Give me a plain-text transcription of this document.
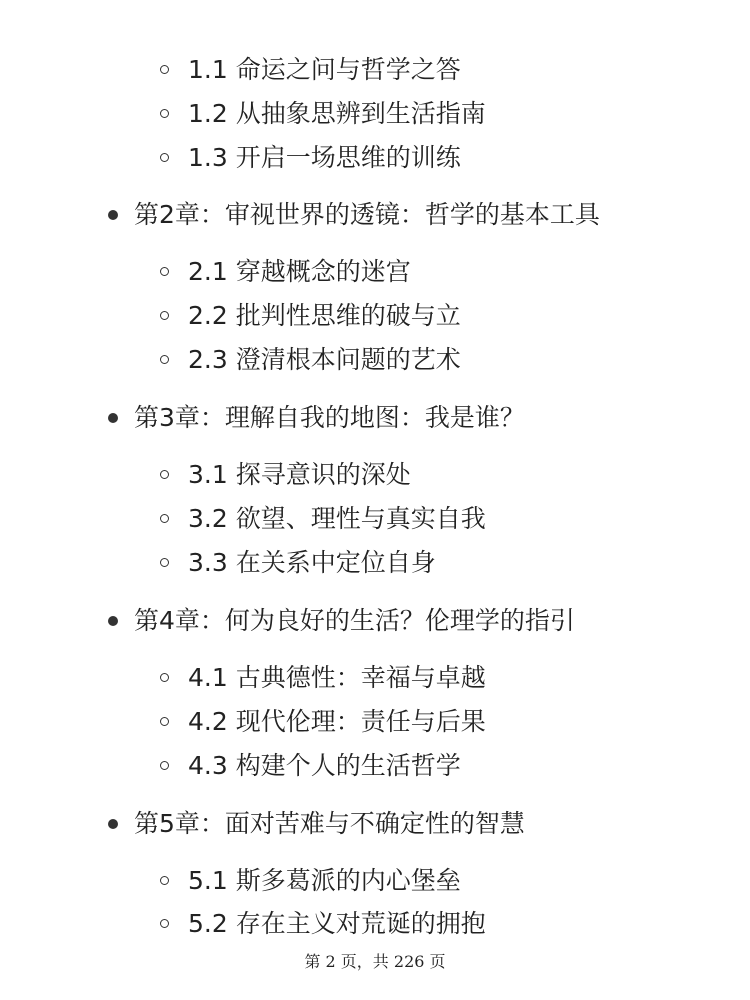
1.1 命运之问与哲学之答
1.2 从抽象思辨到生活指南
1.3 开启一场思维的训练
第2章：审视世界的透镜：哲学的基本工具
2.1 穿越概念的迷宫
2.2 批判性思维的破与立
2.3 澄清根本问题的艺术
第3章：理解自我的地图：我是谁？
3.1 探寻意识的深处
3.2 欲望、理性与真实自我
3.3 在关系中定位自身
第4章：何为良好的生活？伦理学的指引
4.1 古典德性：幸福与卓越
4.2 现代伦理：责任与后果
4.3 构建个人的生活哲学
第5章：面对苦难与不确定性的智慧
5.1 斯多葛派的内心堡垒
5.2 存在主义对荒诞的拥抱
第 2 页，共 226 页
